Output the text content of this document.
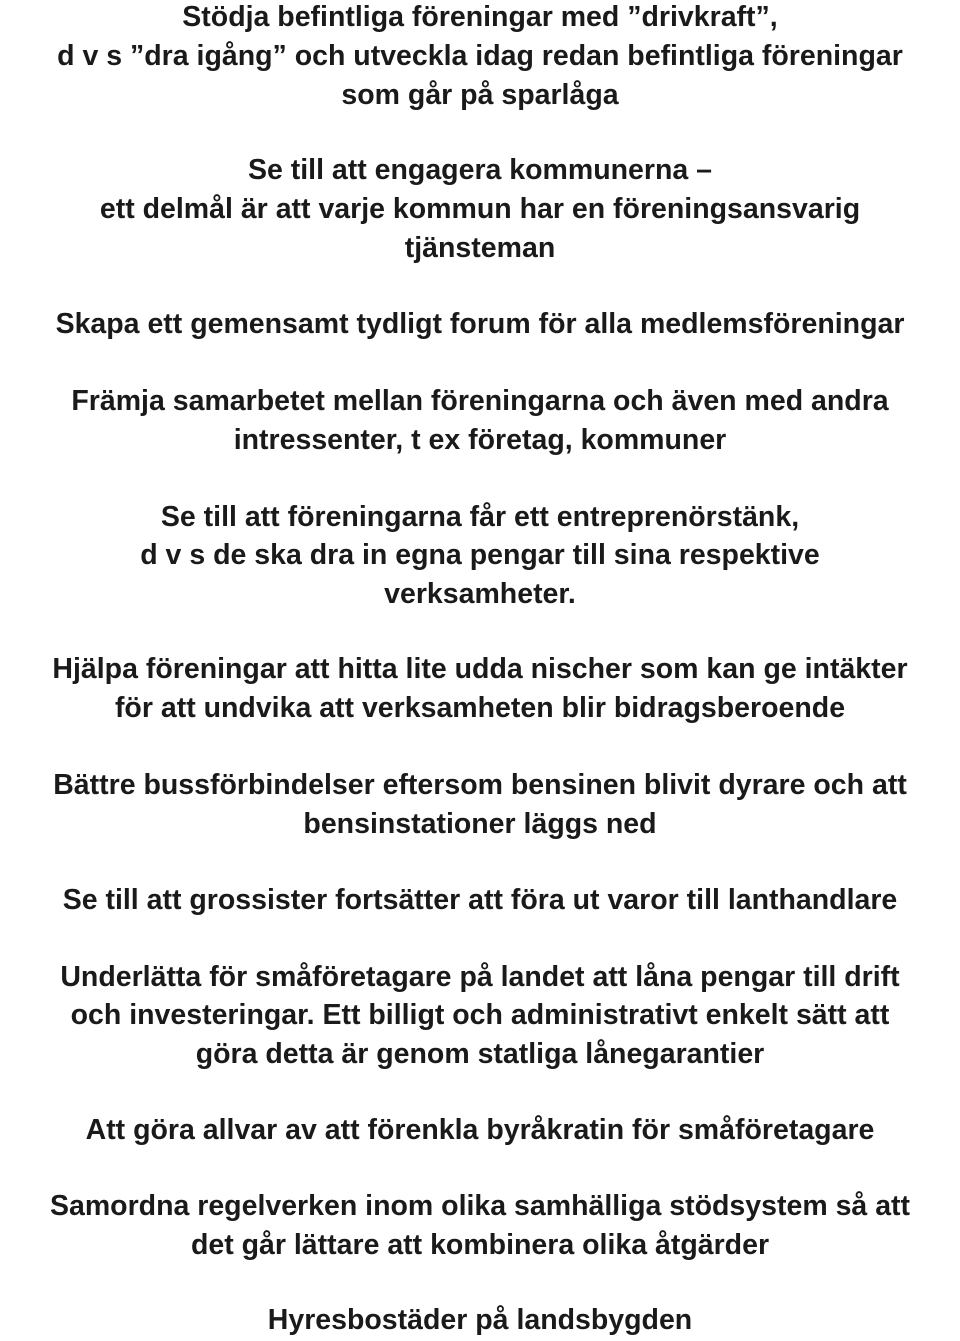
Stödja befintliga föreningar med ”drivkraft”,
d v s ”dra igång” och utveckla idag redan befintliga föreningar
som går på sparlåga
Se till att engagera kommunerna –
ett delmål är att varje kommun har en föreningsansvarig
tjänsteman
Skapa ett gemensamt tydligt forum för alla medlemsföreningar
Främja samarbetet mellan föreningarna och även med andra
intressenter, t ex företag, kommuner
Se till att föreningarna får ett entreprenörstänk,
d v s de ska dra in egna pengar till sina respektive
verksamheter.
Hjälpa föreningar att hitta lite udda nischer som kan ge intäkter
för att undvika att verksamheten blir bidragsberoende
Bättre bussförbindelser eftersom bensinen blivit dyrare och att
bensinstationer läggs ned
Se till att grossister fortsätter att föra ut varor till lanthandlare
Underlätta för småföretagare på landet att låna pengar till drift
och investeringar. Ett billigt och administrativt enkelt sätt att
göra detta är genom statliga lånegarantier
Att göra allvar av att förenkla byråkratin för småföretagare
Samordna regelverken inom olika samhälliga stödsystem så att
det går lättare att kombinera olika åtgärder
Hyresbostäder på landsbygden
